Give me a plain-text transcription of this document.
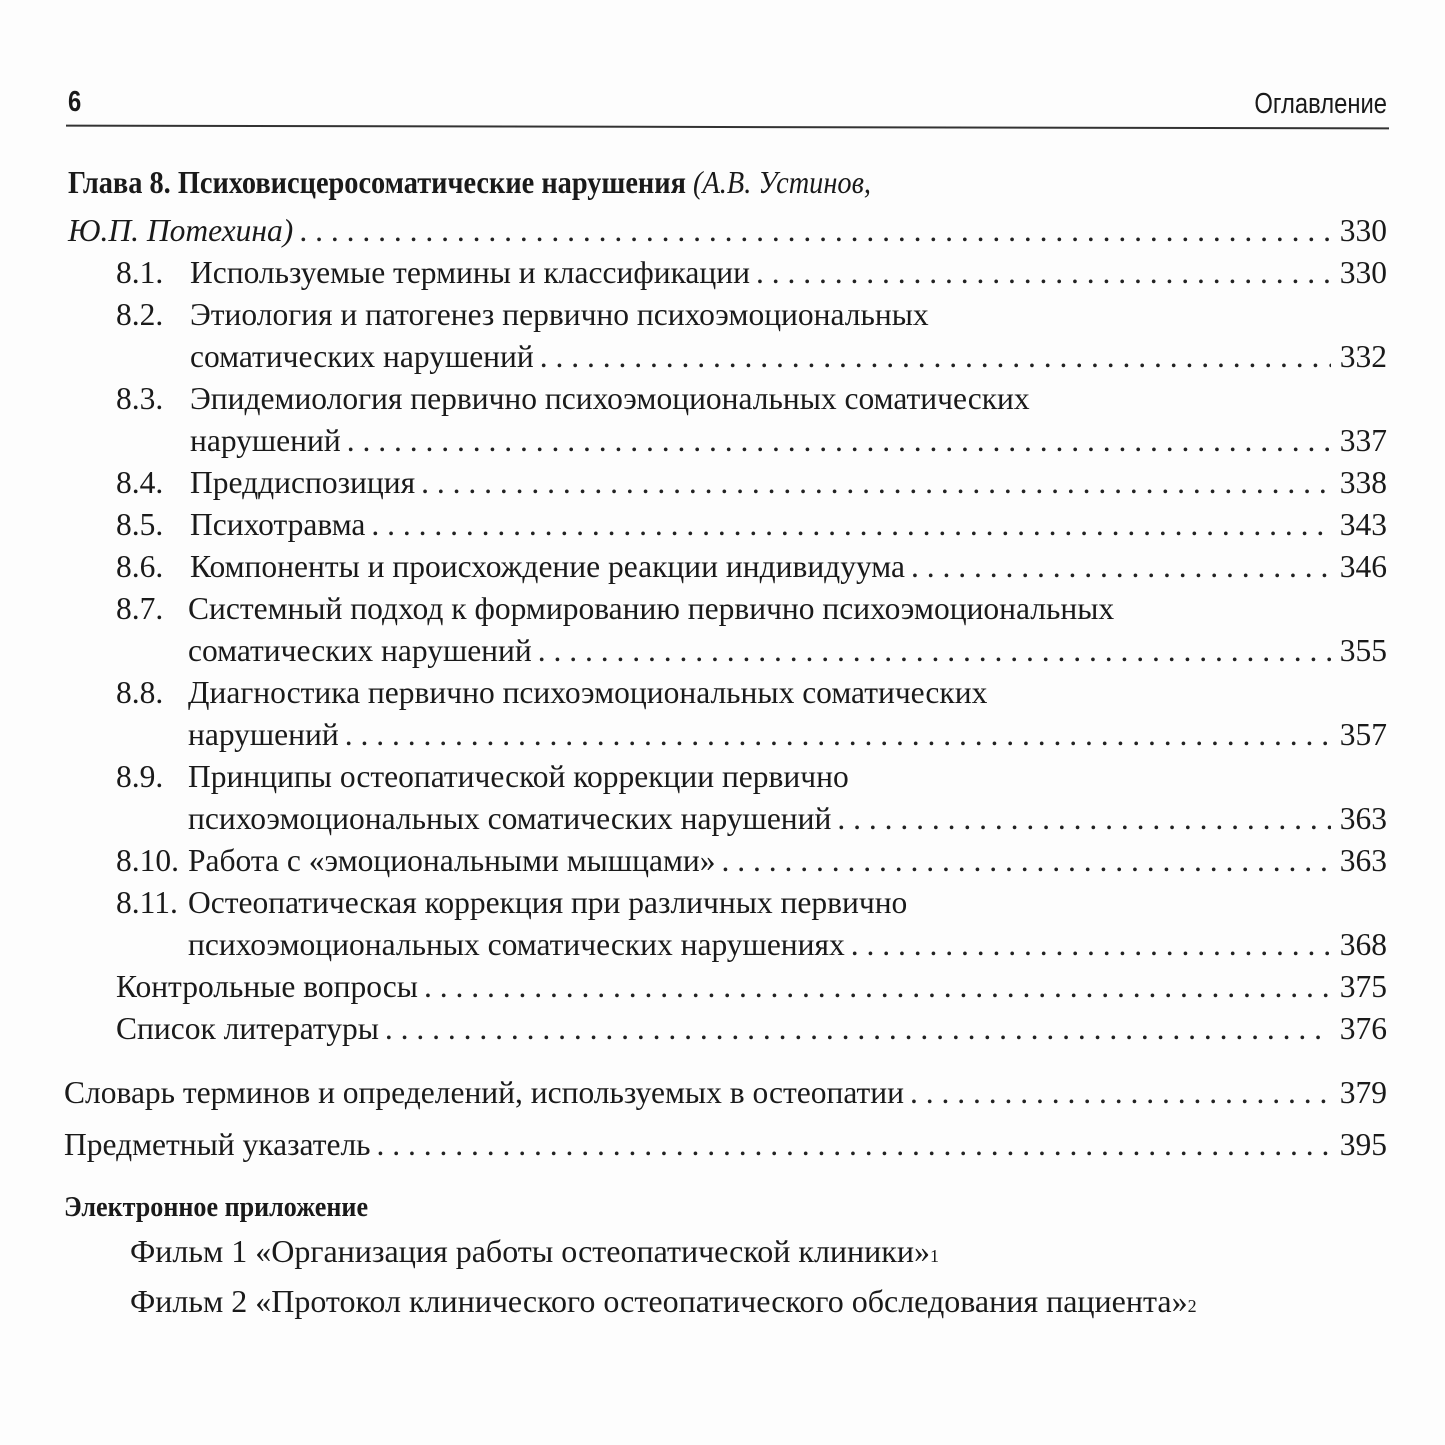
6	Оглавление
Глава 8. Психовисцеросоматические нарушения (А.В. Устинов,
Ю.П. Потехина) . . .	330
8.1. Используемые термины и классификации . . .	330
8.2. Этиология и патогенез первично психоэмоциональных
соматических нарушений . . .	332
8.3. Эпидемиология первично психоэмоциональных соматических
нарушений . . .	337
8.4. Преддиспозиция . . .	338
8.5. Психотравма . . .	343
8.6. Компоненты и происхождение реакции индивидуума . . .	346
8.7. Системный подход к формированию первично психоэмоциональных
соматических нарушений . . .	355
8.8. Диагностика первично психоэмоциональных соматических
нарушений . . .	357
8.9. Принципы остеопатической коррекции первично
психоэмоциональных соматических нарушений . . .	363
8.10. Работа с «эмоциональными мышцами» . . .	363
8.11. Остеопатическая коррекция при различных первично
психоэмоциональных соматических нарушениях . . .	368
Контрольные вопросы . . .	375
Список литературы . . .	376
Словарь терминов и определений, используемых в остеопатии . . .	379
Предметный указатель . . .	395
Электронное приложение
Фильм 1 «Организация работы остеопатической клиники» 1
Фильм 2 «Протокол клинического остеопатического обследования пациента» 2
